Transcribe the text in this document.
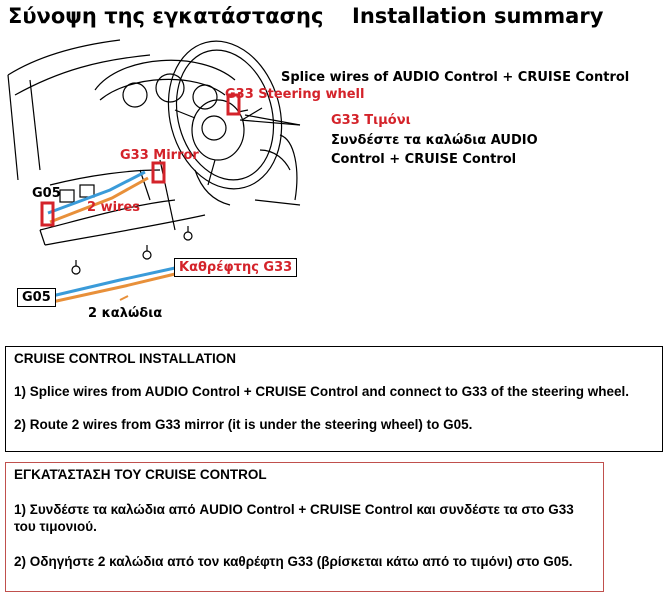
Σύνοψη της εγκατάστασης Installation summary
Splice wires of AUDIO Control + CRUISE Control
G33 Steering whell
G33 Τιμόνι
Συνδέστε τα καλώδια AUDIO
Control + CRUISE Control
G33 Mirror
G05
2 wires
Καθρέφτης G33
G05
2 καλώδια

CRUISE CONTROL INSTALLATION

1) Splice wires from AUDIO Control + CRUISE Control and connect to G33 of the steering wheel.

2) Route 2 wires from G33 mirror (it is under the steering wheel) to G05.

ΕΓΚΑΤΆΣΤΑΣΗ ΤΟΥ CRUISE CONTROL

1) Συνδέστε τα καλώδια από AUDIO Control + CRUISE Control και συνδέστε τα στο G33

του τιμονιού.

2) Οδηγήστε 2 καλώδια από τον καθρέφτη G33 (βρίσκεται κάτω από το τιμόνι) στο G05.
